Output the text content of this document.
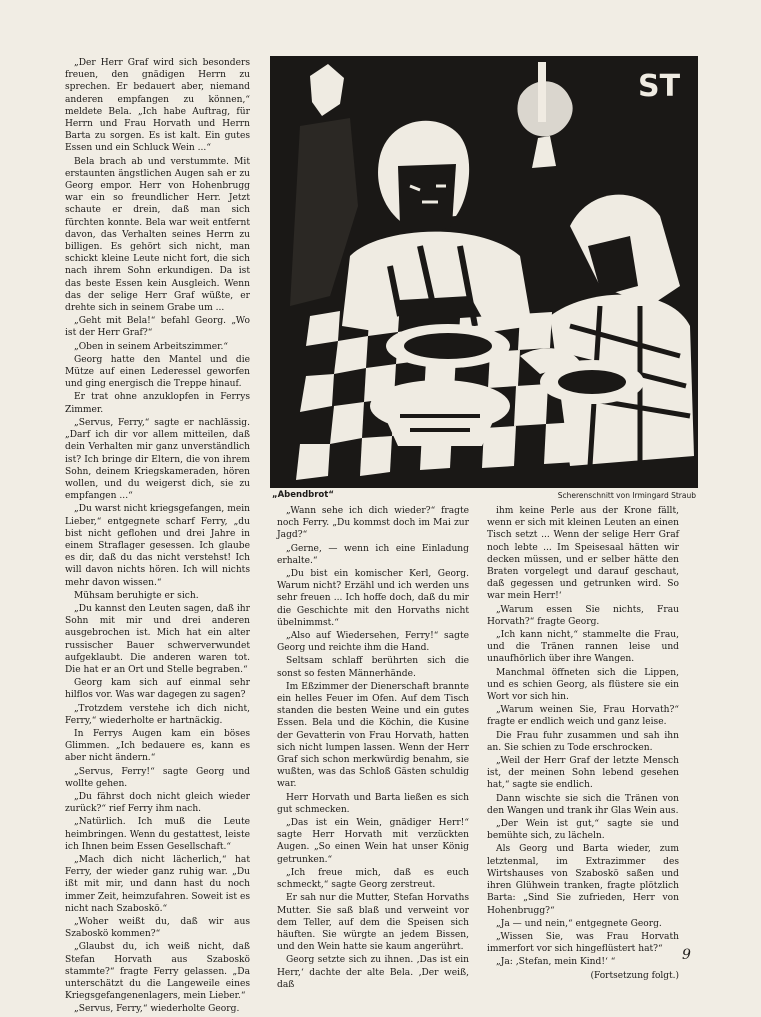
„Der Herr Graf wird sich besonders freuen, den gnädigen Herrn zu sprechen. Er bedauert aber, niemand anderen empfangen zu können,“ meldete Bela. „Ich habe Auftrag, für Herrn und Frau Horvath und Herrn Barta zu sorgen. Es ist kalt. Ein gutes Essen und ein Schluck Wein ...“

Bela brach ab und verstummte. Mit erstaunten ängstlichen Augen sah er zu Georg empor. Herr von Hohenbrugg war ein so freundlicher Herr. Jetzt schaute er drein, daß man sich fürchten konnte. Bela war weit entfernt davon, das Verhalten seines Herrn zu billigen. Es gehört sich nicht, man schickt kleine Leute nicht fort, die sich nach ihrem Sohn erkundigen. Da ist das beste Essen kein Ausgleich. Wenn das der selige Herr Graf wüßte, er drehte sich in seinem Grabe um ...

„Geht mit Bela!“ befahl Georg. „Wo ist der Herr Graf?“

„Oben in seinem Arbeitszimmer.“

Georg hatte den Mantel und die Mütze auf einen Lederessel geworfen und ging energisch die Treppe hinauf.

Er trat ohne anzuklopfen in Ferrys Zimmer.

„Servus, Ferry,“ sagte er nachlässig. „Darf ich dir vor allem mitteilen, daß dein Verhalten mir ganz unverständlich ist? Ich bringe dir Eltern, die von ihrem Sohn, deinem Kriegskameraden, hören wollen, und du weigerst dich, sie zu empfangen ...“

„Du warst nicht kriegsgefangen, mein Lieber,“ entgegnete scharf Ferry, „du bist nicht geflohen und drei Jahre in einem Straflager gesessen. Ich glaube es dir, daß du das nicht verstehst! Ich will davon nichts hören. Ich will nichts mehr davon wissen.“

Mühsam beruhigte er sich.

„Du kannst den Leuten sagen, daß ihr Sohn mit mir und drei anderen ausgebrochen ist. Mich hat ein alter russischer Bauer schwerverwundet aufgeklaubt. Die anderen waren tot. Die hat er an Ort und Stelle begraben.“

Georg kam sich auf einmal sehr hilflos vor. Was war dagegen zu sagen?

„Trotzdem verstehe ich dich nicht, Ferry,“ wiederholte er hartnäckig.

In Ferrys Augen kam ein böses Glimmen. „Ich bedauere es, kann es aber nicht ändern.“

„Servus, Ferry!“ sagte Georg und wollte gehen.

„Du fährst doch nicht gleich wieder zurück?“ rief Ferry ihm nach.

„Natürlich. Ich muß die Leute heimbringen. Wenn du gestattest, leiste ich Ihnen beim Essen Gesellschaft.“

„Mach dich nicht lächerlich,“ hat Ferry, der wieder ganz ruhig war. „Du ißt mit mir, und dann hast du noch immer Zeit, heimzufahren. Soweit ist es nicht nach Szaboskö.“

„Woher weißt du, daß wir aus Szaboskö kommen?“

„Glaubst du, ich weiß nicht, daß Stefan Horvath aus Szaboskö stammte?“ fragte Ferry gelassen. „Da unterschätzt du die Langeweile eines Kriegsgefangenenlagers, mein Lieber.“

„Servus, Ferry,“ wiederholte Georg.

ST
„Abendbrot“	Scherenschnitt von Irmingard Straub

„Wann sehe ich dich wieder?“ fragte noch Ferry. „Du kommst doch im Mai zur Jagd?“

„Gerne, — wenn ich eine Einladung erhalte.“

„Du bist ein komischer Kerl, Georg. Warum nicht? Erzähl und ich werden uns sehr freuen ... Ich hoffe doch, daß du mir die Geschichte mit den Horvaths nicht übelnimmst.“

„Also auf Wiedersehen, Ferry!“ sagte Georg und reichte ihm die Hand.

Seltsam schlaff berührten sich die sonst so festen Männerhände.

Im Eßzimmer der Dienerschaft brannte ein helles Feuer im Ofen. Auf dem Tisch standen die besten Weine und ein gutes Essen. Bela und die Köchin, die Kusine der Gevatterin von Frau Horvath, hatten sich nicht lumpen lassen. Wenn der Herr Graf sich schon merkwürdig benahm, sie wußten, was das Schloß Gästen schuldig war.

Herr Horvath und Barta ließen es sich gut schmecken.

„Das ist ein Wein, gnädiger Herr!“ sagte Herr Horvath mit verzückten Augen. „So einen Wein hat unser König getrunken.“

„Ich freue mich, daß es euch schmeckt,“ sagte Georg zerstreut.

Er sah nur die Mutter, Stefan Horvaths Mutter. Sie saß blaß und verweint vor dem Teller, auf dem die Speisen sich häuften. Sie würgte an jedem Bissen, und den Wein hatte sie kaum angerührt.

Georg setzte sich zu ihnen. ‚Das ist ein Herr,‘ dachte der alte Bela. ‚Der weiß, daß

ihm keine Perle aus der Krone fällt, wenn er sich mit kleinen Leuten an einen Tisch setzt ... Wenn der selige Herr Graf noch lebte ... Im Speisesaal hätten wir decken müssen, und er selber hätte den Braten vorgelegt und darauf geschaut, daß gegessen und getrunken wird. So war mein Herr!‘

„Warum essen Sie nichts, Frau Horvath?“ fragte Georg.

„Ich kann nicht,“ stammelte die Frau, und die Tränen rannen leise und unaufhörlich über ihre Wangen.

Manchmal öffneten sich die Lippen, und es schien Georg, als flüstere sie ein Wort vor sich hin.

„Warum weinen Sie, Frau Horvath?“ fragte er endlich weich und ganz leise.

Die Frau fuhr zusammen und sah ihn an. Sie schien zu Tode erschrocken.

„Weil der Herr Graf der letzte Mensch ist, der meinen Sohn lebend gesehen hat,“ sagte sie endlich.

Dann wischte sie sich die Tränen von den Wangen und trank ihr Glas Wein aus.

„Der Wein ist gut,“ sagte sie und bemühte sich, zu lächeln.

Als Georg und Barta wieder, zum letztenmal, im Extrazimmer des Wirtshauses von Szaboskö saßen und ihren Glühwein tranken, fragte plötzlich Barta: „Sind Sie zufrieden, Herr von Hohenbrugg?“

„Ja — und nein,“ entgegnete Georg.

„Wissen Sie, was Frau Horvath immerfort vor sich hingeflüstert hat?“

„Ja: ‚Stefan, mein Kind!‘ “

(Fortsetzung folgt.)
9
